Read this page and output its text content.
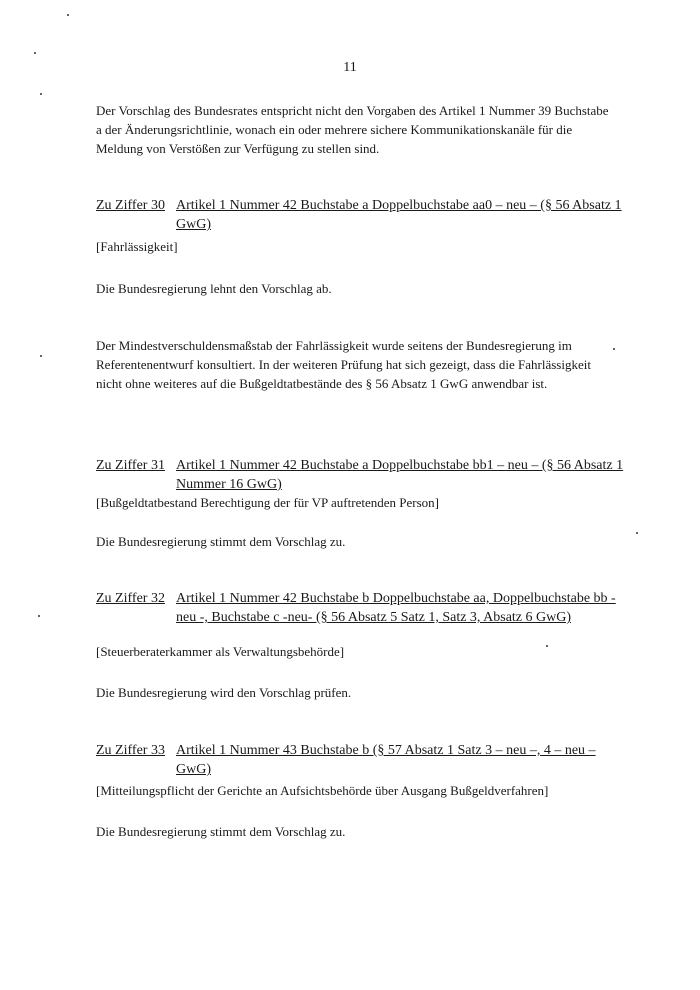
11
Der Vorschlag des Bundesrates entspricht nicht den Vorgaben des Artikel 1 Nummer 39 Buchstabe a der Änderungsrichtlinie, wonach ein oder mehrere sichere Kommunikationskanäle für die Meldung von Verstößen zur Verfügung zu stellen sind.
Zu Ziffer 30 Artikel 1 Nummer 42 Buchstabe a Doppelbuchstabe aa0 – neu – (§ 56 Absatz 1 GwG)
[Fahrlässigkeit]
Die Bundesregierung lehnt den Vorschlag ab.
Der Mindestverschuldensmaßstab der Fahrlässigkeit wurde seitens der Bundesregierung im Referentenentwurf konsultiert. In der weiteren Prüfung hat sich gezeigt, dass die Fahrlässigkeit nicht ohne weiteres auf die Bußgeldtatbestände des § 56 Absatz 1 GwG anwendbar ist.
Zu Ziffer 31 Artikel 1 Nummer 42 Buchstabe a Doppelbuchstabe bb1 – neu – (§ 56 Absatz 1 Nummer 16 GwG)
[Bußgeldtatbestand Berechtigung der für VP auftretenden Person]
Die Bundesregierung stimmt dem Vorschlag zu.
Zu Ziffer 32 Artikel 1 Nummer 42 Buchstabe b Doppelbuchstabe aa, Doppelbuchstabe bb - neu -, Buchstabe c -neu- (§ 56 Absatz 5 Satz 1, Satz 3, Absatz 6 GwG)
[Steuerberaterkammer als Verwaltungsbehörde]
Die Bundesregierung wird den Vorschlag prüfen.
Zu Ziffer 33 Artikel 1 Nummer 43 Buchstabe b (§ 57 Absatz 1 Satz 3 – neu –, 4 – neu – GwG)
[Mitteilungspflicht der Gerichte an Aufsichtsbehörde über Ausgang Bußgeldverfahren]
Die Bundesregierung stimmt dem Vorschlag zu.
